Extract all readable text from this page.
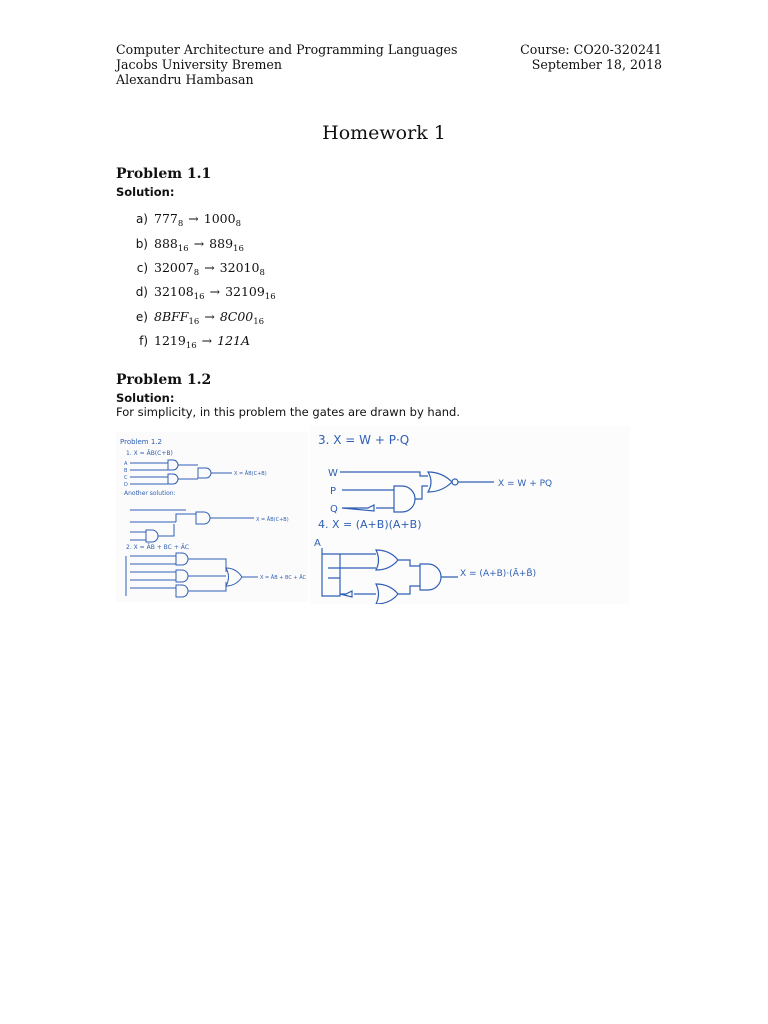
Computer Architecture and Programming Languages
Jacobs University Bremen
Alexandru Hambasan
Course: CO20-320241
September 18, 2018
Homework 1
Problem 1.1
Solution:
a) $777_8 \to 1000_8$
b) $888_{16} \to 889_{16}$
c) $32007_8 \to 32010_8$
d) $32108_{16} \to 32109_{16}$
e) $8BFF_{16} \to 8C00_{16}$
f) $1219_{16} \to 121A$
Problem 1.2
Solution:
For simplicity, in this problem the gates are drawn by hand.
Problem 1.2
1. X = ĀB(C+B)
A
B
C
D
X = ĀB(C+B)
Another solution:
X = ĀB(C+B)
2. X = ĀB + BC + ĀC
X = ĀB + BC + ĀC
3. X = W + P·Q
W
P
Q
X = W + PQ
4. X = (A+B)(A+B)
A
X = (A+B)·(Ā+B̄)
